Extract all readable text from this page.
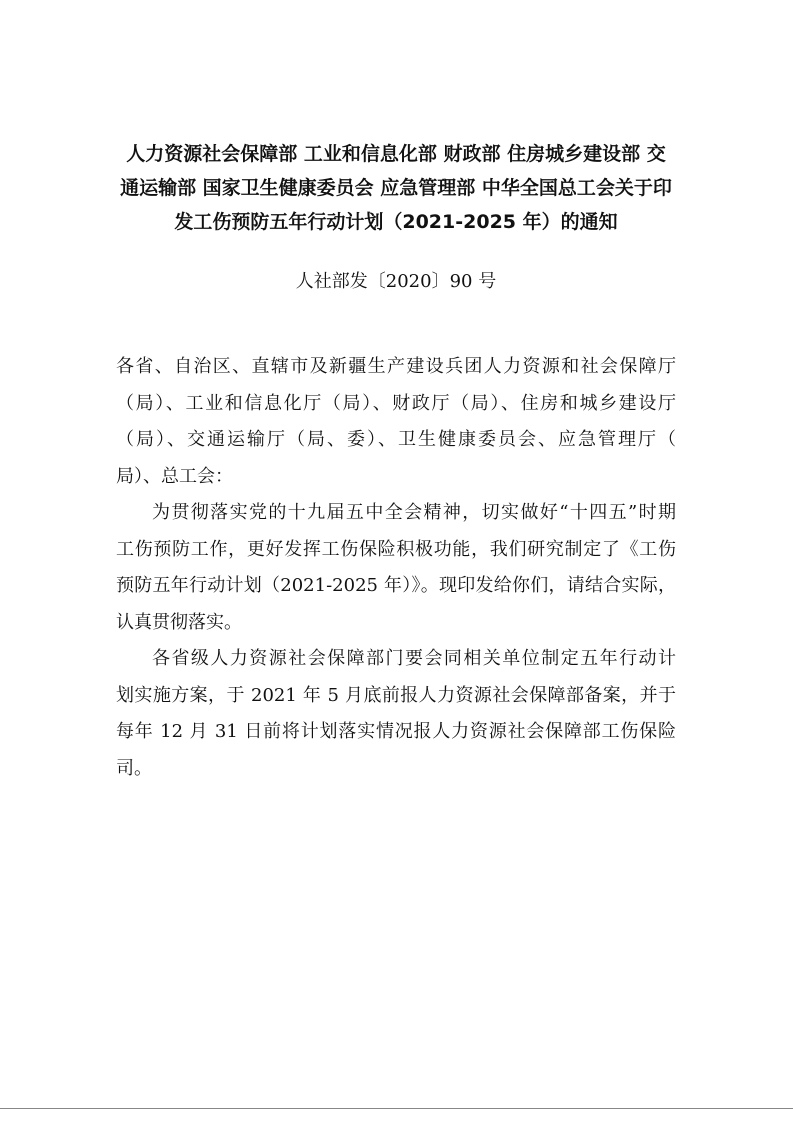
人力资源社会保障部 工业和信息化部 财政部 住房城乡建设部 交
通运输部 国家卫生健康委员会 应急管理部 中华全国总工会关于印
发工伤预防五年行动计划（2021-2025 年）的通知
人社部发〔2020〕90 号
各省、自治区、直辖市及新疆生产建设兵团人力资源和社会保障厅
（局）、工业和信息化厅（局）、财政厅（局）、住房和城乡建设厅
（局）、交通运输厅（局、委）、卫生健康委员会、应急管理厅（
局）、总工会：
为贯彻落实党的十九届五中全会精神，切实做好“十四五”时期
工伤预防工作，更好发挥工伤保险积极功能，我们研究制定了《工伤
预防五年行动计划（2021-2025 年）》。现印发给你们，请结合实际，
认真贯彻落实。
各省级人力资源社会保障部门要会同相关单位制定五年行动计
划实施方案，于 2021 年 5 月底前报人力资源社会保障部备案，并于
每年 12 月 31 日前将计划落实情况报人力资源社会保障部工伤保险
司。
